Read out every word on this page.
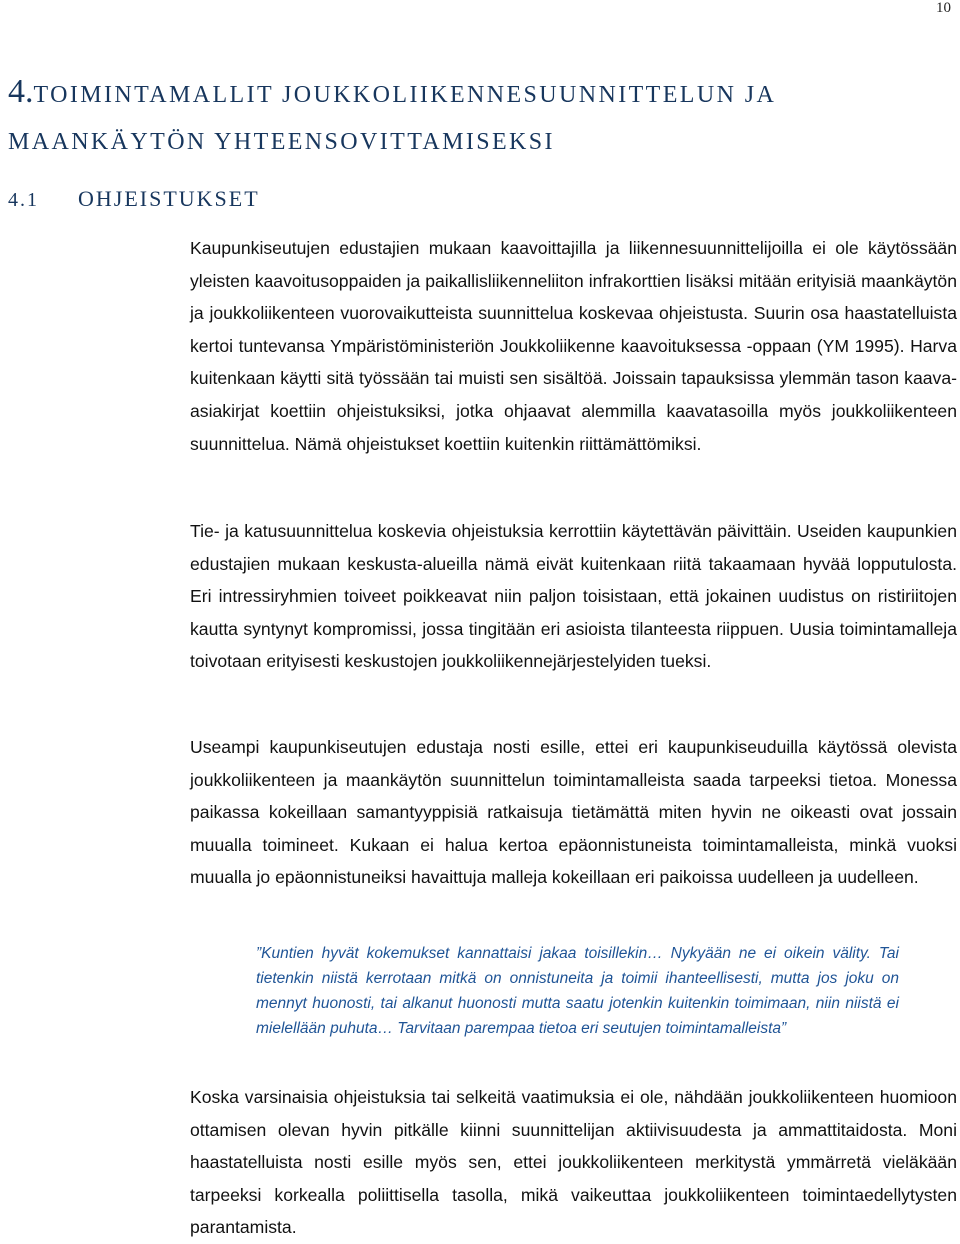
10
4.TOIMINTAMALLIT JOUKKOLIIKENNESUUNNITTELUN JA MAANKÄYTÖN YHTEENSOVITTAMISEKSI
4.1 OHJEISTUKSET

Kaupunkiseutujen edustajien mukaan kaavoittajilla ja liikennesuunnittelijoilla ei ole käytössään yleisten kaavoitusoppaiden ja paikallisliikenneliiton infrakorttien lisäksi mitään erityisiä maankäytön ja joukkoliikenteen vuorovaikutteista suunnittelua koskevaa ohjeistusta. Suurin osa haastatelluista kertoi tuntevansa Ympäristöministeriön Joukkoliikenne kaavoituksessa -oppaan (YM 1995). Harva kuitenkaan käytti sitä työssään tai muisti sen sisältöä. Joissain tapauksissa ylemmän tason kaava-asiakirjat koettiin ohjeistuksiksi, jotka ohjaavat alemmilla kaavatasoilla myös joukkoliikenteen suunnittelua. Nämä ohjeistukset koettiin kuitenkin riittämättömiksi.

Tie- ja katusuunnittelua koskevia ohjeistuksia kerrottiin käytettävän päivittäin. Useiden kaupunkien edustajien mukaan keskusta-alueilla nämä eivät kuitenkaan riitä takaamaan hyvää lopputulosta. Eri intressiryhmien toiveet poikkeavat niin paljon toisistaan, että jokainen uudistus on ristiriitojen kautta syntynyt kompromissi, jossa tingitään eri asioista tilanteesta riippuen. Uusia toimintamalleja toivotaan erityisesti keskustojen joukkoliikennejärjestelyiden tueksi.

Useampi kaupunkiseutujen edustaja nosti esille, ettei eri kaupunkiseuduilla käytössä olevista joukkoliikenteen ja maankäytön suunnittelun toimintamalleista saada tarpeeksi tietoa. Monessa paikassa kokeillaan samantyyppisiä ratkaisuja tietämättä miten hyvin ne oikeasti ovat jossain muualla toimineet. Kukaan ei halua kertoa epäonnistuneista toimintamalleista, minkä vuoksi muualla jo epäonnistuneiksi havaittuja malleja kokeillaan eri paikoissa uudelleen ja uudelleen.

”Kuntien hyvät kokemukset kannattaisi jakaa toisillekin… Nykyään ne ei oikein välity. Tai tietenkin niistä kerrotaan mitkä on onnistuneita ja toimii ihanteellisesti, mutta jos joku on mennyt huonosti, tai alkanut huonosti mutta saatu jotenkin kuitenkin toimimaan, niin niistä ei mielellään puhuta… Tarvitaan parempaa tietoa eri seutujen toimintamalleista”

Koska varsinaisia ohjeistuksia tai selkeitä vaatimuksia ei ole, nähdään joukkoliikenteen huomioon ottamisen olevan hyvin pitkälle kiinni suunnittelijan aktiivisuudesta ja ammattitaidosta. Moni haastatelluista nosti esille myös sen, ettei joukkoliikenteen merkitystä ymmärretä vieläkään tarpeeksi korkealla poliittisella tasolla, mikä vaikeuttaa joukkoliikenteen toimintaedellytysten parantamista.
